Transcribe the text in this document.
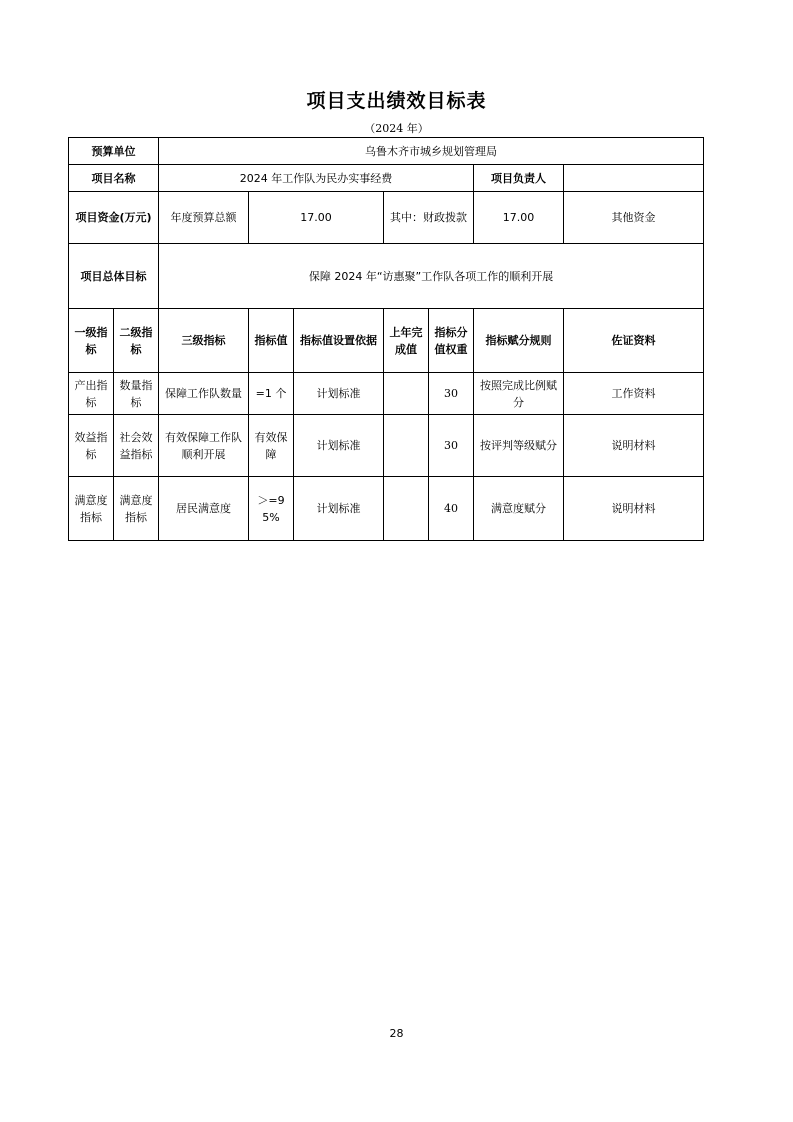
项目支出绩效目标表
（2024 年）
预算单位		乌鲁木齐市城乡规划管理局							
项目名称		2024 年工作队为民办实事经费					项目负责人		
项目资金(万元)		年度预算总额	17.00		其中：财政拨款		17.00	其他资金	
项目总体目标		保障 2024 年“访惠聚”工作队各项工作的顺利开展							
一级指标	二级指标	三级指标	指标值	指标值设置依据	上年完成值	指标分值权重	指标赋分规则	佐证资料	
产出指标	数量指标	保障工作队数量	=1 个	计划标准		30	按照完成比例赋分	工作资料	
效益指标	社会效益指标	有效保障工作队顺利开展	有效保障	计划标准		30	按评判等级赋分	说明材料	
满意度指标	满意度指标	居民满意度	＞=95%	计划标准		40	满意度赋分	说明材料	
28
